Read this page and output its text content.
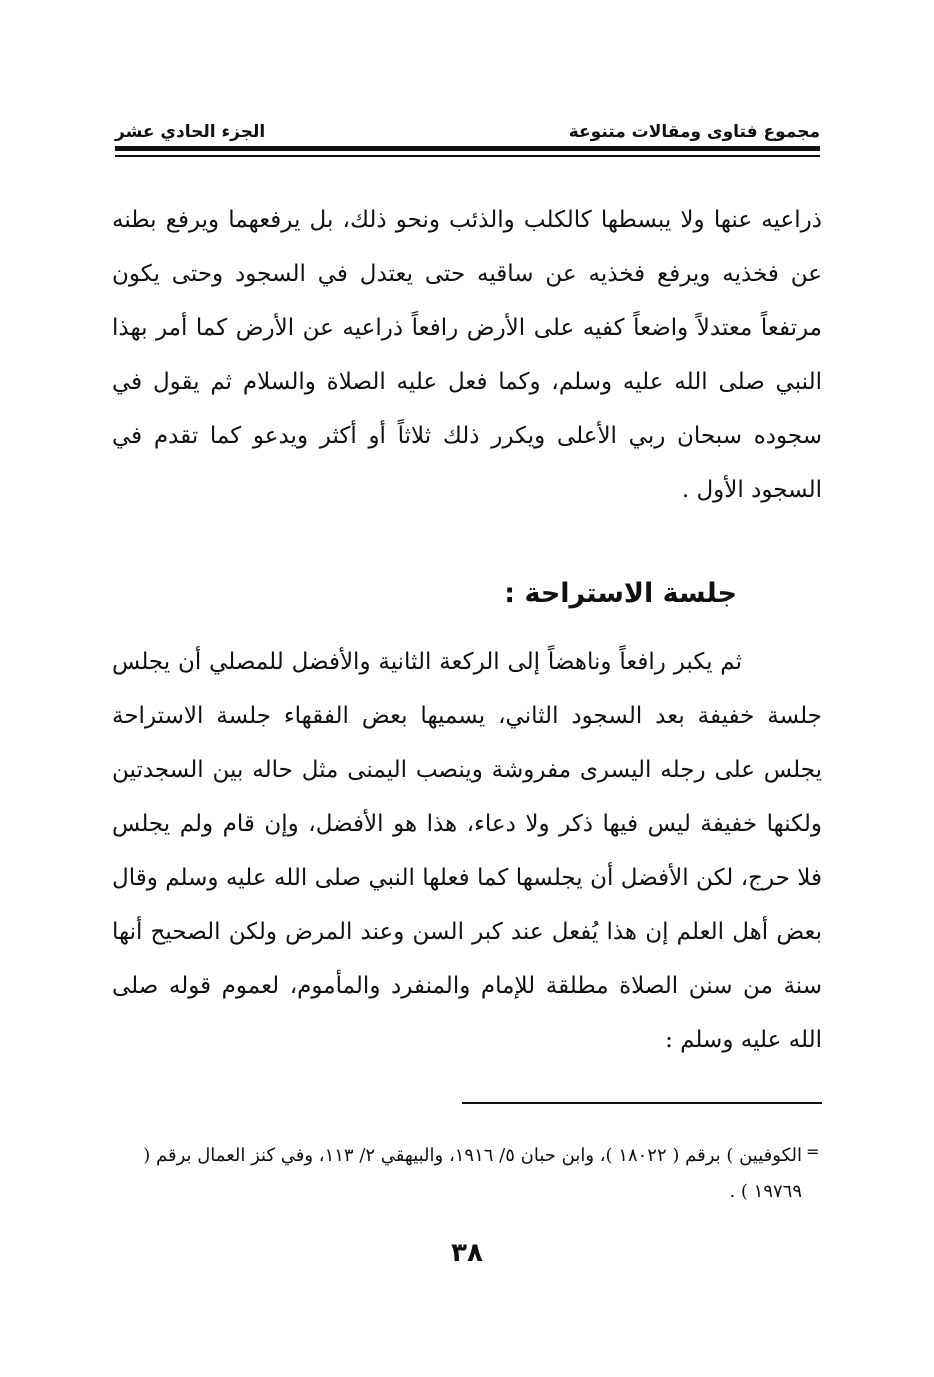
مجموع فتاوى ومقالات متنوعة
الجزء الحادي عشر

ذراعيه عنها ولا يبسطها كالكلب والذئب ونحو ذلك، بل يرفعهما ويرفع بطنه عن فخذيه ويرفع فخذيه عن ساقيه حتى يعتدل في السجود وحتى يكون مرتفعاً معتدلاً واضعاً كفيه على الأرض رافعاً ذراعيه عن الأرض كما أمر بهذا النبي صلى الله عليه وسلم، وكما فعل عليه الصلاة والسلام ثم يقول في سجوده سبحان ربي الأعلى ويكرر ذلك ثلاثاً أو أكثر ويدعو كما تقدم في السجود الأول .

جلسة الاستراحة :

ثم يكبر رافعاً وناهضاً إلى الركعة الثانية والأفضل للمصلي أن يجلس جلسة خفيفة بعد السجود الثاني، يسميها بعض الفقهاء جلسة الاستراحة يجلس على رجله اليسرى مفروشة وينصب اليمنى مثل حاله بين السجدتين ولكنها خفيفة ليس فيها ذكر ولا دعاء، هذا هو الأفضل، وإن قام ولم يجلس فلا حرج، لكن الأفضل أن يجلسها كما فعلها النبي صلى الله عليه وسلم وقال بعض أهل العلم إن هذا يُفعل عند كبر السن وعند المرض ولكن الصحيح أنها سنة من سنن الصلاة مطلقة للإمام والمنفرد والمأموم، لعموم قوله صلى الله عليه وسلم :

=

الكوفيين ) برقم ( ١٨٠٢٢ )، وابن حبان ٥/ ١٩١٦، والبيهقي ٢/ ١١٣، وفي كنز العمال برقم ( ١٩٧٦٩ ) .

٣٨
